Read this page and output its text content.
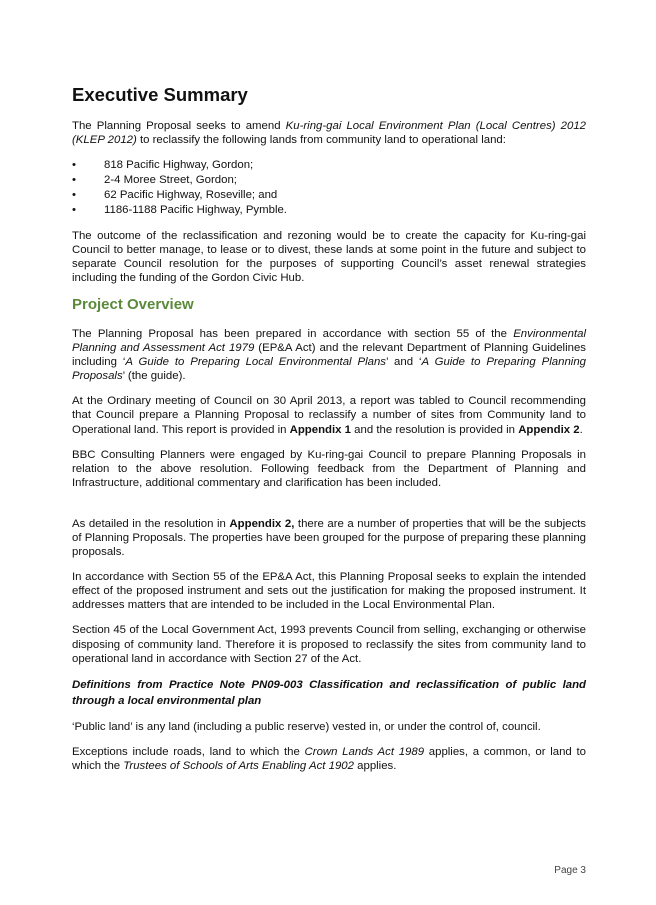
Executive Summary

The Planning Proposal seeks to amend Ku-ring-gai Local Environment Plan (Local Centres) 2012 (KLEP 2012) to reclassify the following lands from community land to operational land:

• 818 Pacific Highway, Gordon;
• 2-4 Moree Street, Gordon;
• 62 Pacific Highway, Roseville; and
• 1186-1188 Pacific Highway, Pymble.

The outcome of the reclassification and rezoning would be to create the capacity for Ku-ring-gai Council to better manage, to lease or to divest, these lands at some point in the future and subject to separate Council resolution for the purposes of supporting Council’s asset renewal strategies including the funding of the Gordon Civic Hub.

Project Overview

The Planning Proposal has been prepared in accordance with section 55 of the Environmental Planning and Assessment Act 1979 (EP&A Act) and the relevant Department of Planning Guidelines including ‘A Guide to Preparing Local Environmental Plans’ and ‘A Guide to Preparing Planning Proposals’ (the guide).

At the Ordinary meeting of Council on 30 April 2013, a report was tabled to Council recommending that Council prepare a Planning Proposal to reclassify a number of sites from Community land to Operational land. This report is provided in Appendix 1 and the resolution is provided in Appendix 2.

BBC Consulting Planners were engaged by Ku-ring-gai Council to prepare Planning Proposals in relation to the above resolution. Following feedback from the Department of Planning and Infrastructure, additional commentary and clarification has been included.

As detailed in the resolution in Appendix 2, there are a number of properties that will be the subjects of Planning Proposals. The properties have been grouped for the purpose of preparing these planning proposals.

In accordance with Section 55 of the EP&A Act, this Planning Proposal seeks to explain the intended effect of the proposed instrument and sets out the justification for making the proposed instrument. It addresses matters that are intended to be included in the Local Environmental Plan.

Section 45 of the Local Government Act, 1993 prevents Council from selling, exchanging or otherwise disposing of community land. Therefore it is proposed to reclassify the sites from community land to operational land in accordance with Section 27 of the Act.

Definitions from Practice Note PN09-003 Classification and reclassification of public land through a local environmental plan

‘Public land’ is any land (including a public reserve) vested in, or under the control of, council.

Exceptions include roads, land to which the Crown Lands Act 1989 applies, a common, or land to which the Trustees of Schools of Arts Enabling Act 1902 applies.

Page 3
